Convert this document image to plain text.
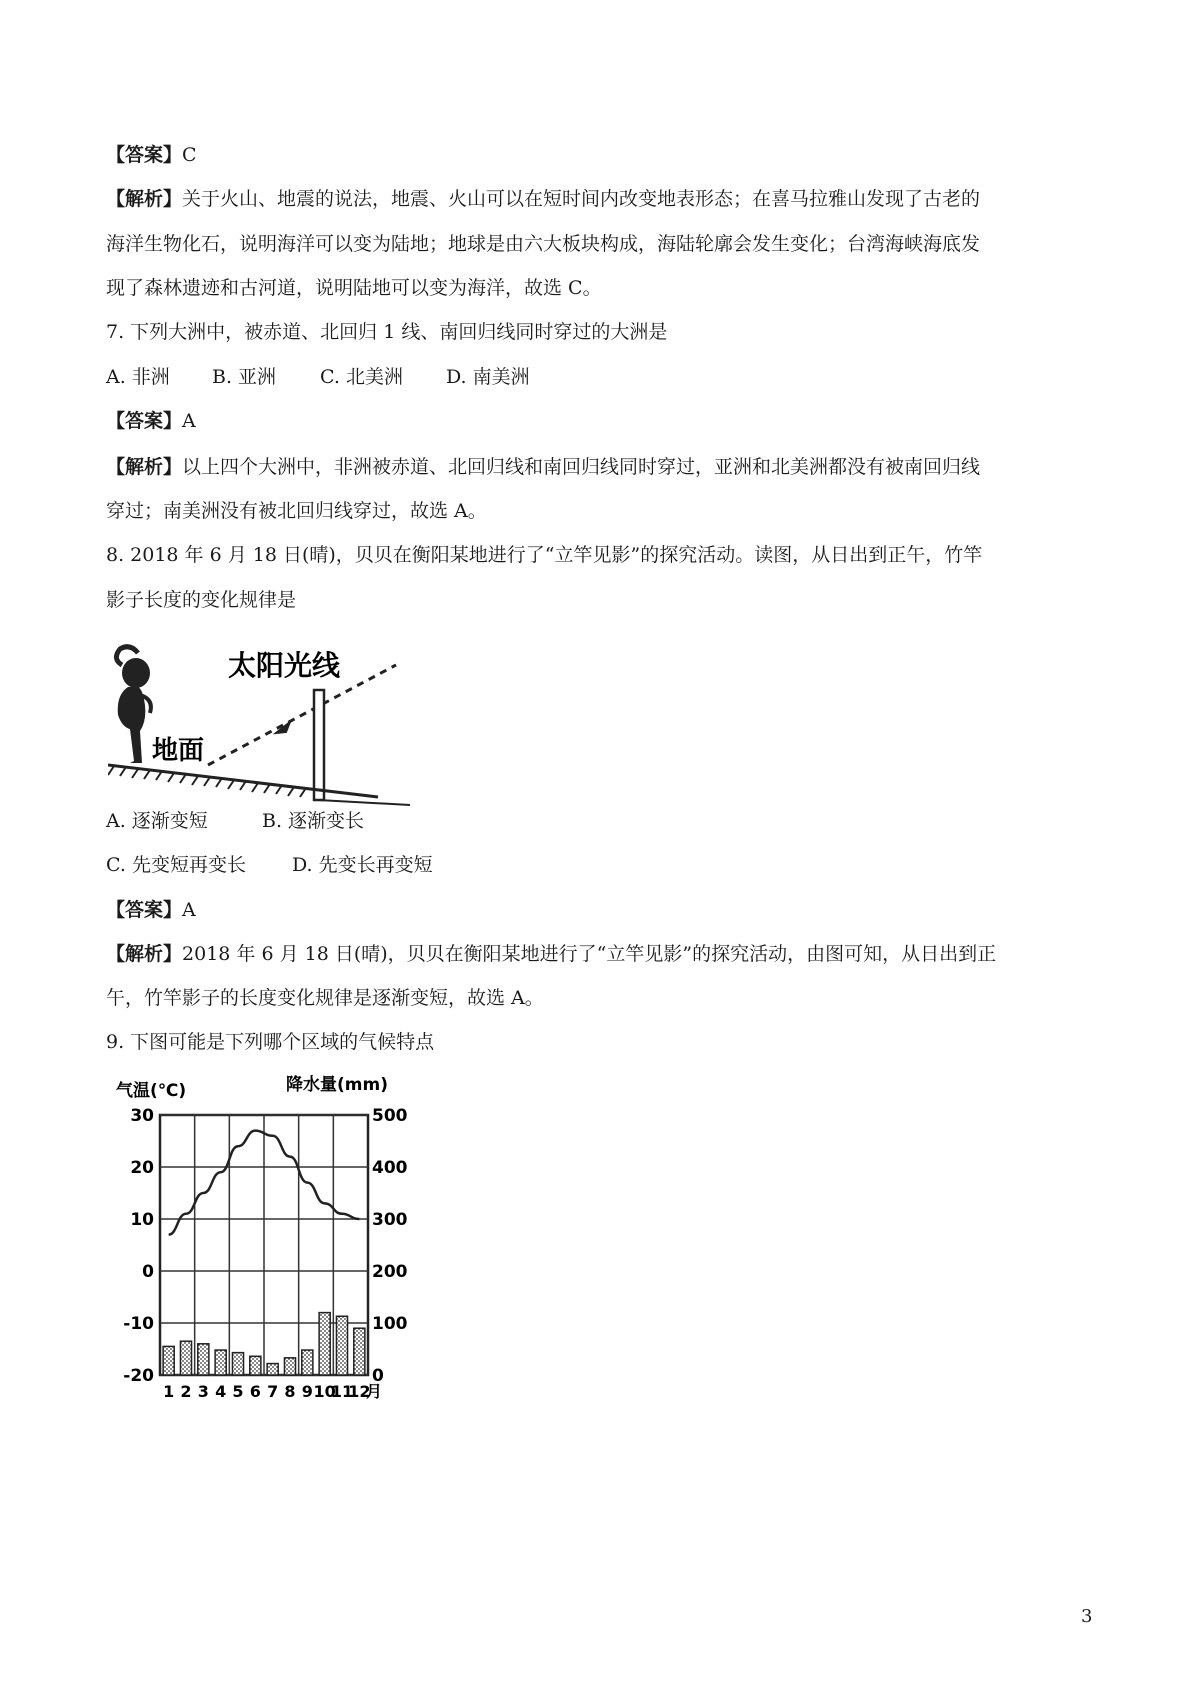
【答案】C
【解析】关于火山、地震的说法，地震、火山可以在短时间内改变地表形态；在喜马拉雅山发现了古老的
海洋生物化石，说明海洋可以变为陆地；地球是由六大板块构成，海陆轮廓会发生变化；台湾海峡海底发
现了森林遗迹和古河道，说明陆地可以变为海洋，故选 C。
7. 下列大洲中，被赤道、北回归 1 线、南回归线同时穿过的大洲是
A. 非洲 B. 亚洲 C. 北美洲 D. 南美洲
【答案】A
【解析】以上四个大洲中，非洲被赤道、北回归线和南回归线同时穿过，亚洲和北美洲都没有被南回归线
穿过；南美洲没有被北回归线穿过，故选 A。
8. 2018 年 6 月 18 日(晴)，贝贝在衡阳某地进行了“立竿见影”的探究活动。读图，从日出到正午，竹竿
影子长度的变化规律是
太阳光线
地面
A. 逐渐变短	B. 逐渐变长
C. 先变短再变长 D. 先变长再变短
【答案】A
【解析】2018 年 6 月 18 日(晴)，贝贝在衡阳某地进行了“立竿见影”的探究活动，由图可知，从日出到正
午，竹竿影子的长度变化规律是逐渐变短，故选 A。
9. 下图可能是下列哪个区域的气候特点
气温(℃)	降水量(mm)
30
20
10
0
-10
-20
500
400
300
200
100
0
1 2 3 4 5 6 7 8 9 10
11
12
月
3
